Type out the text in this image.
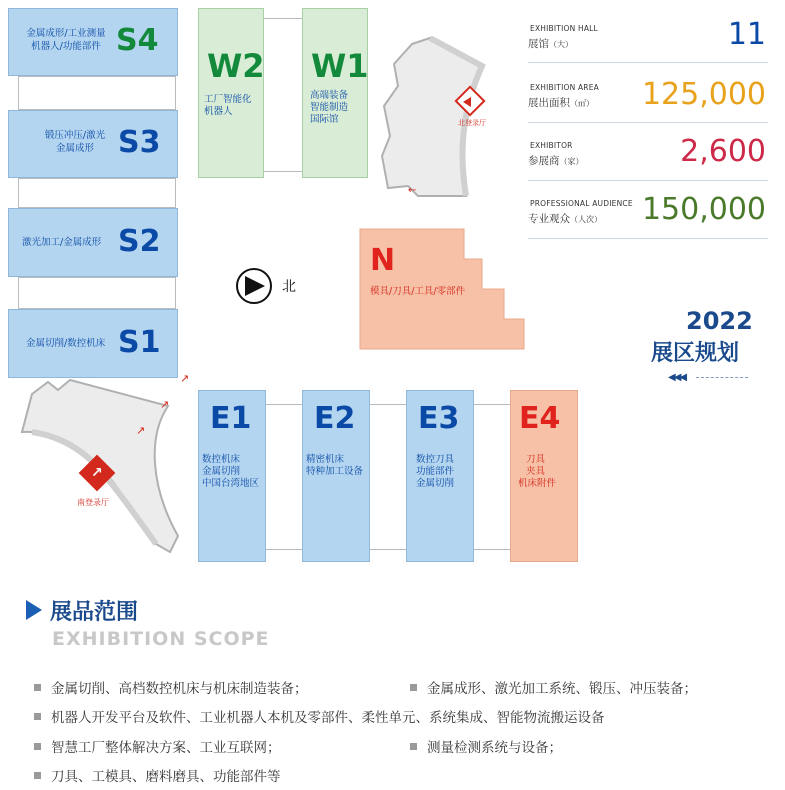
金属成形/工业测量
机器人/功能部件 S4
锻压冲压/激光
金属成形 S3
激光加工/金属成形 S2
金属切削/数控机床 S1
W2
工厂智能化
机器人
W1
高端装备
智能制造
国际馆	北登录厅
←
N
模具/刀具/工具/零部件
北
↗
南登录厅
↗
↗
↗
E1
数控机床
金属切削
中国台湾地区
E2
精密机床
特种加工设备
E3
数控刀具
功能部件
金属切削
E4
刀具
夹具
机床附件
EXHIBITION HALL
展馆（大）	11
EXHIBITION AREA
展出面积（㎡） 125,000
EXHIBITOR
参展商（家）	2,600
PROFESSIONAL AUDIENCE
专业观众（人次） 150,000
2022
展区规划
◀◀◀
展品范围
EXHIBITION SCOPE
金属切削、高档数控机床与机床制造装备；	金属成形、激光加工系统、锻压、冲压装备；
机器人开发平台及软件、工业机器人本机及零部件、柔性单元、系统集成、智能物流搬运设备
智慧工厂整体解决方案、工业互联网；	测量检测系统与设备；
刀具、工模具、磨料磨具、功能部件等
